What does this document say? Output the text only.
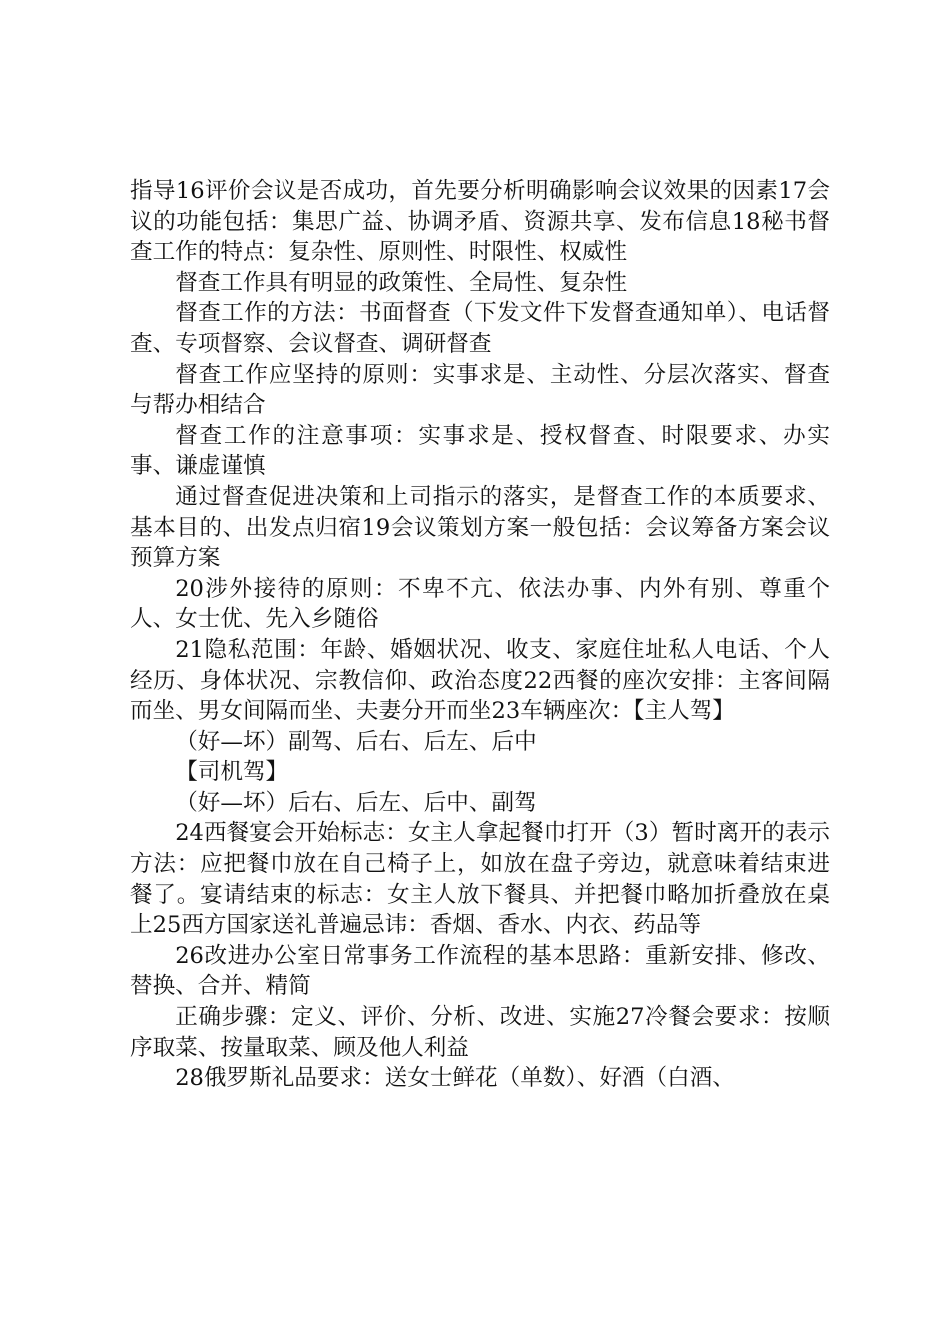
指导16评价会议是否成功，首先要分析明确影响会议效果的因素17会议的功能包括：集思广益、协调矛盾、资源共享、发布信息18秘书督查工作的特点：复杂性、原则性、时限性、权威性

督查工作具有明显的政策性、全局性、复杂性

督查工作的方法：书面督查（下发文件下发督查通知单）、电话督查、专项督察、会议督查、调研督查

督查工作应坚持的原则：实事求是、主动性、分层次落实、督查与帮办相结合

督查工作的注意事项：实事求是、授权督查、时限要求、办实事、谦虚谨慎

通过督查促进决策和上司指示的落实，是督查工作的本质要求、基本目的、出发点归宿19会议策划方案一般包括：会议筹备方案会议预算方案

20涉外接待的原则：不卑不亢、依法办事、内外有别、尊重个人、女士优、先入乡随俗

21隐私范围：年龄、婚姻状况、收支、家庭住址私人电话、个人经历、身体状况、宗教信仰、政治态度22西餐的座次安排：主客间隔而坐、男女间隔而坐、夫妻分开而坐23车辆座次：【主人驾】

（好—坏）副驾、后右、后左、后中

【司机驾】

（好—坏）后右、后左、后中、副驾

24西餐宴会开始标志：女主人拿起餐巾打开（3）暂时离开的表示方法：应把餐巾放在自己椅子上，如放在盘子旁边，就意味着结束进餐了。宴请结束的标志：女主人放下餐具、并把餐巾略加折叠放在桌上25西方国家送礼普遍忌讳：香烟、香水、内衣、药品等

26改进办公室日常事务工作流程的基本思路：重新安排、修改、替换、合并、精简

正确步骤：定义、评价、分析、改进、实施27冷餐会要求：按顺序取菜、按量取菜、顾及他人利益

28俄罗斯礼品要求：送女士鲜花（单数）、好酒（白酒、
